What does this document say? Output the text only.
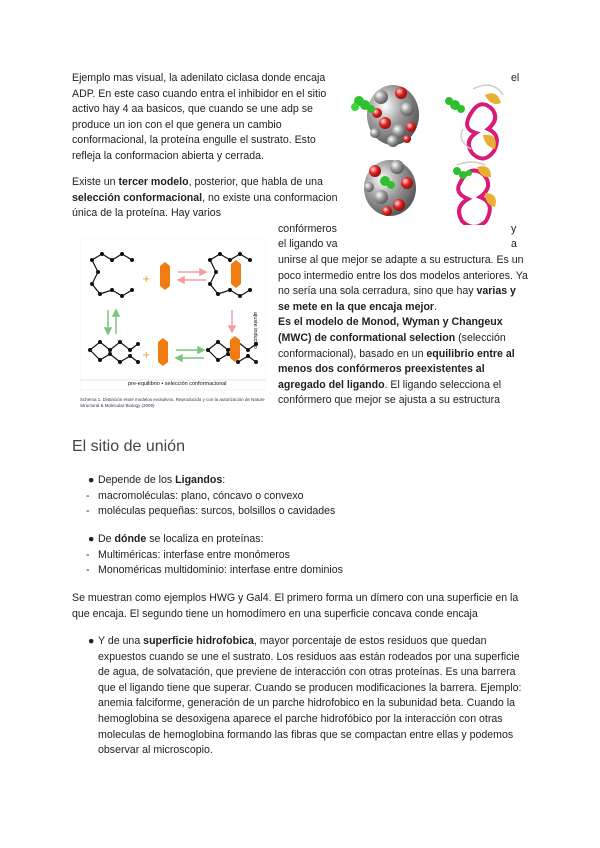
Ejemplo mas visual, la adenilato ciclasa donde encaja	el

ADP. En este caso cuando entra el inhibidor en el sitio activo hay 4 aa basicos, que cuando se une adp se produce un ion con el que genera un cambio conformacional, la proteína engulle el sustrato. Esto refleja la conformacion abierta y cerrada.

Existe un tercer modelo, posterior, que habla de una selección conformacional, no existe una conformacion única de la proteína. Hay varios

confórmeros	y

el ligando va	a

unirse al que mejor se adapte a su estructura. Es un poco intermedio entre los dos modelos anteriores. Ya no sería una sola cerradura, sino que hay varias y se mete en la que encaja mejor.
Es el modelo de Monod, Wyman y Changeux (MWC) de conformational selection (selección conformacional), basado en un equilibrio entre al menos dos confórmeros preexistentes al agregado del ligando. El ligando selecciona el confórmero que mejor se ajusta a su estructura

+
+
pre-equilibrio • selección conformacional
ajuste inducido
Schema 1. Distinción entre modelos evolutivos. Reproducido y con la autorización de Nature Structural & Molecular Biology (2009)
El sitio de unión
● Depende de los Ligandos:
- macromoléculas: plano, cóncavo o convexo
- moléculas pequeñas: surcos, bolsillos o cavidades
● De dónde se localiza en proteínas:
- Multiméricas: interfase entre monómeros
- Monoméricas multidominio: interfase entre dominios

Se muestran como ejemplos HWG y Gal4. El primero forma un dímero con una superficie en la que encaja. El segundo tiene un homodímero en una superficie concava conde encaja

● Y de una superficie hidrofobica, mayor porcentaje de estos residuos que quedan expuestos cuando se une el sustrato. Los residuos aas están rodeados por una superficie de agua, de solvatación, que previene de interacción con otras proteínas. Es una barrera que el ligando tiene que superar. Cuando se producen modificaciones la barrera. Ejemplo: anemia falciforme, generación de un parche hidrofobico en la subunidad beta. Cuando la hemoglobina se desoxigena aparece el parche hidrofóbico por la interacción con otras moleculas de hemoglobina formando las fibras que se compactan entre ellas y podemos observar al microscopio.
